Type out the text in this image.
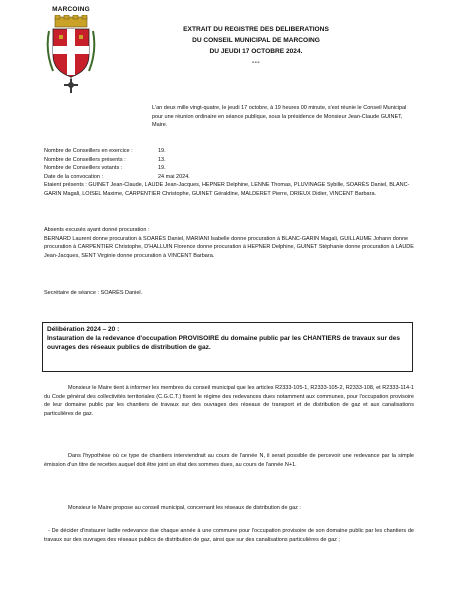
MARCOING
EXTRAIT DU REGISTRE DES DELIBERATIONS
DU CONSEIL MUNICIPAL DE MARCOING
DU JEUDI 17 OCTOBRE 2024.
---
L'an deux mille vingt-quatre, le jeudi 17 octobre, à 19 heures 00 minute, s'est réunie le Conseil Municipal pour une réunion ordinaire en séance publique, sous la présidence de Monsieur Jean-Claude GUINET, Maire.
Nombre de Conseillers en exercice :	19.
Nombre de Conseillers présents :	13.
Nombre de Conseillers votants :	19.
Date de la convocation :	24 mai 2024.
Etaient présents : GUINET Jean-Claude, LAUDE Jean-Jacques, HEPNER Delphine, LENNE Thomas, PLUVINAGE Sybille, SOARÈS Daniel, BLANC-GARIN Magali, LOISEL Maxime, CARPENTIER Christophe, GUINET Géraldine, MALDERET Pierre, DRIEUX Didier, VINCENT Barbara.
Absents excusés ayant donné procuration :
BERNARD Laurent donne procuration à SOARÈS Daniel, MARIANI Isabelle donne procuration à BLANC-GARIN Magali, GUILLAUME Johann donne procuration à CARPENTIER Christophe, D'HALLUIN Florence donne procuration à HEPNER Delphine, GUINET Stéphanie donne procuration à LAUDE Jean-Jacques, SENT Virginie donne procuration à VINCENT Barbara.
Secrétaire de séance : SOARÈS Daniel.
Délibération 2024 – 20 :
Instauration de la redevance d'occupation PROVISOIRE du domaine public par les CHANTIERS de travaux sur des ouvrages des réseaux publics de distribution de gaz.
Monsieur le Maire tient à informer les membres du conseil municipal que les articles R2333-105-1, R2333-105-2, R2333-108, et R2333-114-1 du Code général des collectivités territoriales (C.G.C.T.) fixent le régime des redevances dues notamment aux communes, pour l'occupation provisoire de leur domaine public par les chantiers de travaux sur des ouvrages des réseaux de transport et de distribution de gaz et aux canalisations particulières de gaz.
Dans l'hypothèse où ce type de chantiers interviendrait au cours de l'année N, il serait possible de percevoir une redevance par la simple émission d'un titre de recettes auquel doit être joint un état des sommes dues, au cours de l'année N+1.
Monsieur le Maire propose au conseil municipal, concernant les réseaux de distribution de gaz :
- De décider d'instaurer ladite redevance due chaque année à une commune pour l'occupation provisoire de son domaine public par les chantiers de travaux sur des ouvrages des réseaux publics de distribution de gaz, ainsi que sur des canalisations particulières de gaz ;
